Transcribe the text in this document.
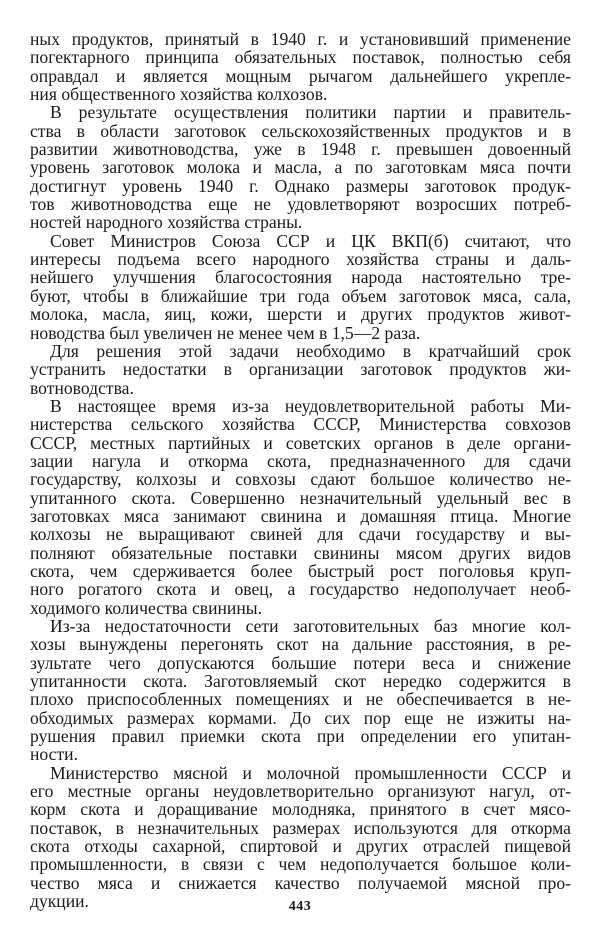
ных продуктов, принятый в 1940 г. и установивший применение
погектарного принципа обязательных поставок, полностью себя
оправдал и является мощным рычагом дальнейшего укрепле-
ния общественного хозяйства колхозов.
В результате осуществления политики партии и правитель-
ства в области заготовок сельскохозяйственных продуктов и в
развитии животноводства, уже в 1948 г. превышен довоенный
уровень заготовок молока и масла, а по заготовкам мяса почти
достигнут уровень 1940 г. Однако размеры заготовок продук-
тов животноводства еще не удовлетворяют возросших потреб-
ностей народного хозяйства страны.
Совет Министров Союза ССР и ЦК ВКП(б) считают, что
интересы подъема всего народного хозяйства страны и даль-
нейшего улучшения благосостояния народа настоятельно тре-
буют, чтобы в ближайшие три года объем заготовок мяса, сала,
молока, масла, яиц, кожи, шерсти и других продуктов живот-
новодства был увеличен не менее чем в 1,5—2 раза.
Для решения этой задачи необходимо в кратчайший срок
устранить недостатки в организации заготовок продуктов жи-
вотноводства.
В настоящее время из-за неудовлетворительной работы Ми-
нистерства сельского хозяйства СССР, Министерства совхозов
СССР, местных партийных и советских органов в деле органи-
зации нагула и откорма скота, предназначенного для сдачи
государству, колхозы и совхозы сдают большое количество не-
упитанного скота. Совершенно незначительный удельный вес в
заготовках мяса занимают свинина и домашняя птица. Многие
колхозы не выращивают свиней для сдачи государству и вы-
полняют обязательные поставки свинины мясом других видов
скота, чем сдерживается более быстрый рост поголовья круп-
ного рогатого скота и овец, а государство недополучает необ-
ходимого количества свинины.
Из-за недостаточности сети заготовительных баз многие кол-
хозы вынуждены перегонять скот на дальние расстояния, в ре-
зультате чего допускаются большие потери веса и снижение
упитанности скота. Заготовляемый скот нередко содержится в
плохо приспособленных помещениях и не обеспечивается в не-
обходимых размерах кормами. До сих пор еще не изжиты на-
рушения правил приемки скота при определении его упитан-
ности.
Министерство мясной и молочной промышленности СССР и
его местные органы неудовлетворительно организуют нагул, от-
корм скота и доращивание молодняка, принятого в счет мясо-
поставок, в незначительных размерах используются для откорма
скота отходы сахарной, спиртовой и других отраслей пищевой
промышленности, в связи с чем недополучается большое коли-
чество мяса и снижается качество получаемой мясной про-
дукции.	443
